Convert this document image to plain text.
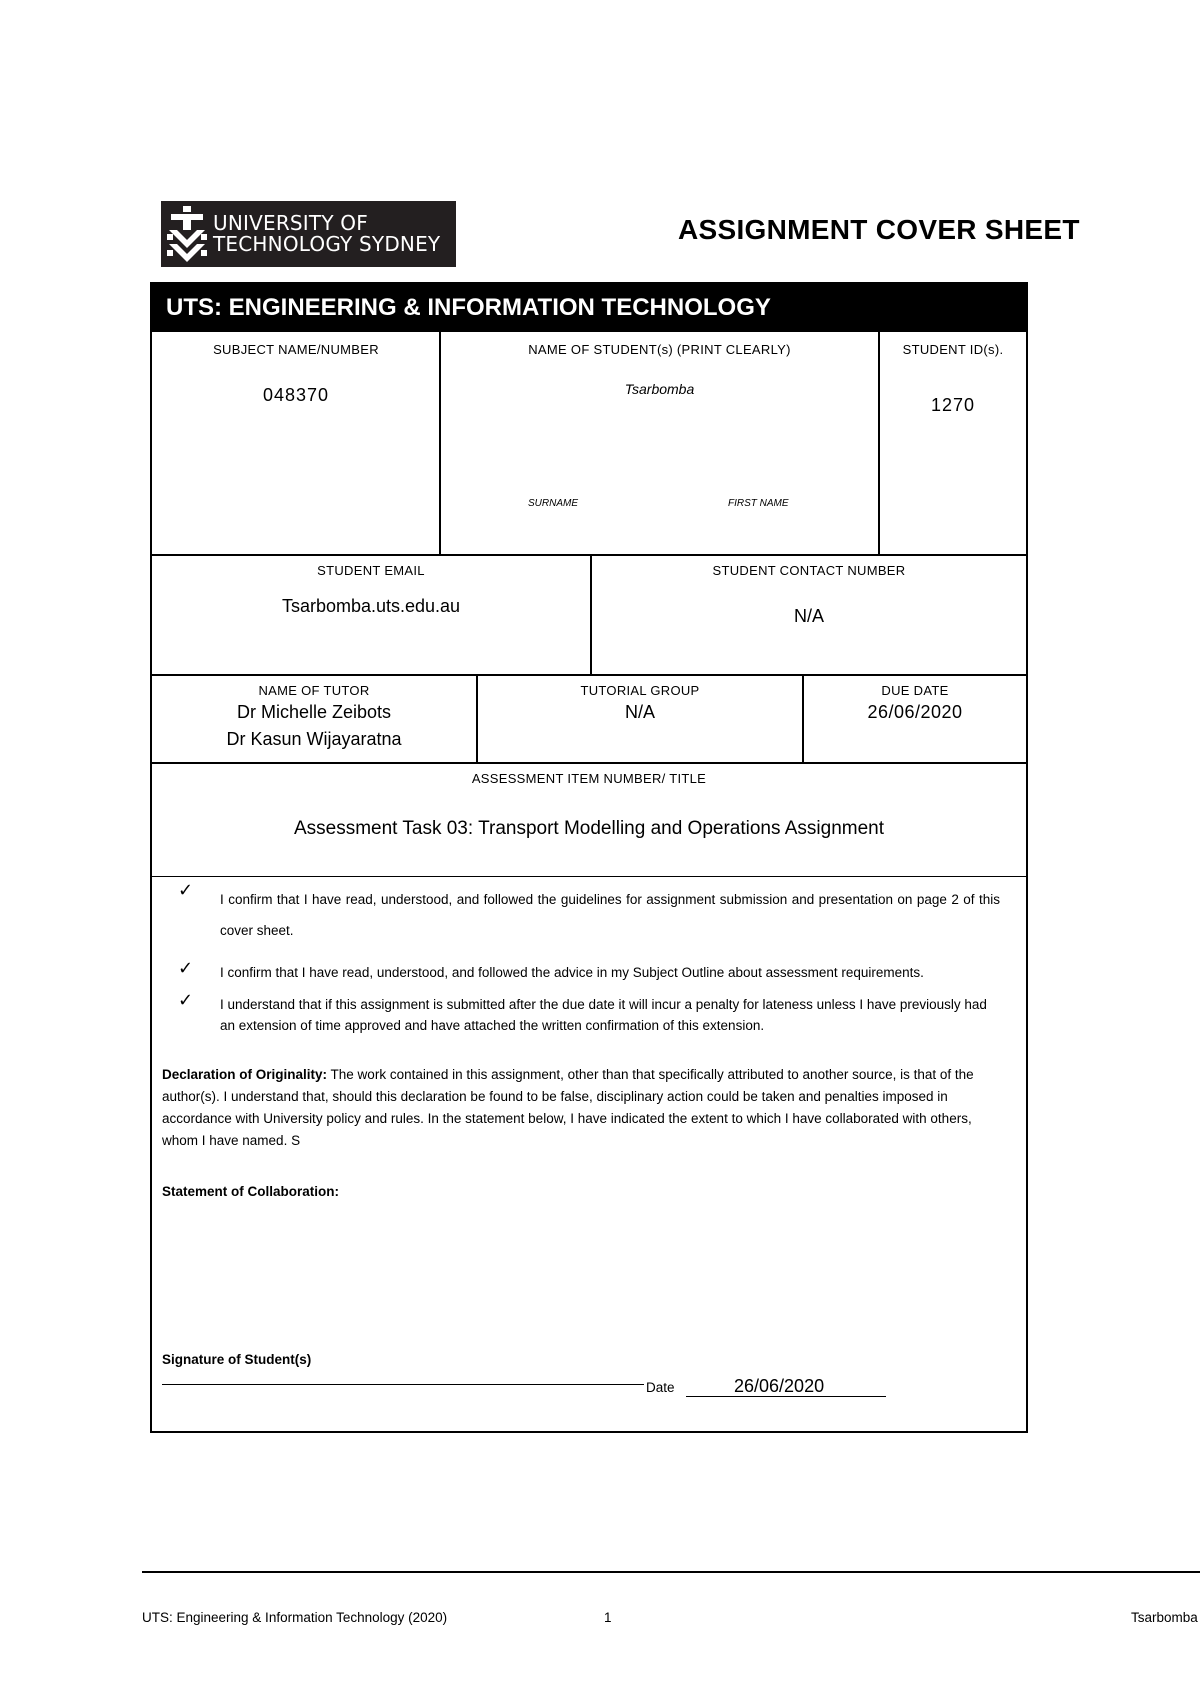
UNIVERSITY OF
TECHNOLOGY SYDNEY	ASSIGNMENT COVER SHEET
UTS: ENGINEERING & INFORMATION TECHNOLOGY
SUBJECT NAME/NUMBER
048370
NAME OF STUDENT(s) (PRINT CLEARLY)
Tsarbomba
SURNAME	FIRST NAME
STUDENT ID(s).
1270
STUDENT EMAIL
Tsarbomba.uts.edu.au
STUDENT CONTACT NUMBER
N/A
NAME OF TUTOR
Dr Michelle Zeibots
Dr Kasun Wijayaratna
TUTORIAL GROUP
N/A
DUE DATE
26/06/2020
ASSESSMENT ITEM NUMBER/ TITLE
Assessment Task 03: Transport Modelling and Operations Assignment
✓ I confirm that I have read, understood, and followed the guidelines for assignment submission and presentation on page 2 of this cover sheet.
✓ I confirm that I have read, understood, and followed the advice in my Subject Outline about assessment requirements.
✓ I understand that if this assignment is submitted after the due date it will incur a penalty for lateness unless I have previously had an extension of time approved and have attached the written confirmation of this extension.
Declaration of Originality: The work contained in this assignment, other than that specifically attributed to another source, is that of the author(s). I understand that, should this declaration be found to be false, disciplinary action could be taken and penalties imposed in accordance with University policy and rules. In the statement below, I have indicated the extent to which I have collaborated with others, whom I have named. S
Statement of Collaboration:
Signature of Student(s)
Date	26/06/2020
UTS: Engineering & Information Technology (2020)	1	Tsarbomba
